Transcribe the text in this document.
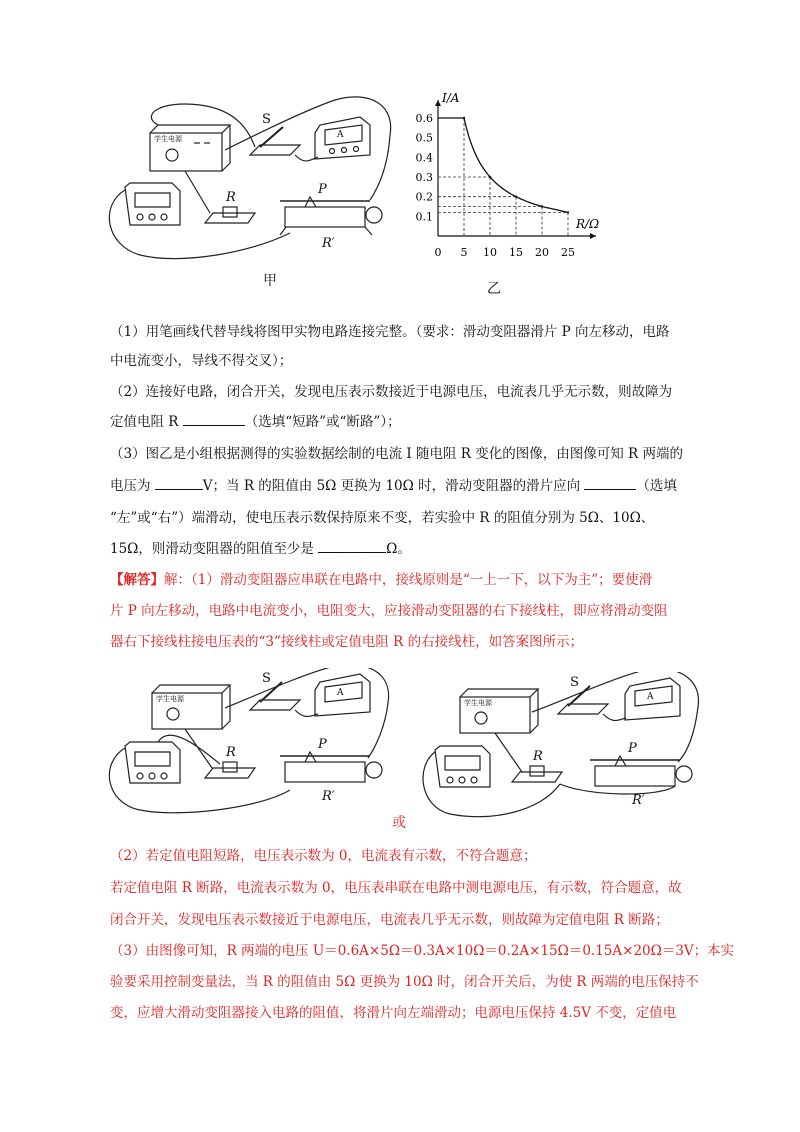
S
A
R
P
R′
学生电源
甲
I/A
R/Ω
0 5 10 15 20 25
0.1
0.2
0.3
0.4
0.5
0.6
乙
（1）用笔画线代替导线将图甲实物电路连接完整。（要求：滑动变阻器滑片 P 向左移动，电路
中电流变小，导线不得交叉）；
（2）连接好电路，闭合开关，发现电压表示数接近于电源电压，电流表几乎无示数，则故障为
定值电阻 R	（选填“短路”或“断路”）；
（3）图乙是小组根据测得的实验数据绘制的电流 I 随电阻 R 变化的图像，由图像可知 R 两端的
电压为	V；当 R 的阻值由 5Ω 更换为 10Ω 时，滑动变阻器的滑片应向	（选填
“左”或“右”）端滑动，使电压表示数保持原来不变，若实验中 R 的阻值分别为 5Ω、10Ω、
15Ω，则滑动变阻器的阻值至少是	Ω。
【解答】解：（1）滑动变阻器应串联在电路中，接线原则是“一上一下，以下为主”；要使滑
片 P 向左移动，电路中电流变小，电阻变大，应接滑动变阻器的右下接线柱，即应将滑动变阻
器右下接线柱接电压表的“3”接线柱或定值电阻 R 的右接线柱，如答案图所示；
S
A
R
P
R′
学生电源
S
A
R
P
R′
学生电源
或
（2）若定值电阻短路，电压表示数为 0，电流表有示数，不符合题意；
若定值电阻 R 断路，电流表示数为 0，电压表串联在电路中测电源电压，有示数，符合题意，故
闭合开关，发现电压表示数接近于电源电压，电流表几乎无示数，则故障为定值电阻 R 断路；
（3）由图像可知，R 两端的电压 U＝0.6A×5Ω＝0.3A×10Ω＝0.2A×15Ω＝0.15A×20Ω＝3V；本实
验要采用控制变量法，当 R 的阻值由 5Ω 更换为 10Ω 时，闭合开关后，为使 R 两端的电压保持不
变，应增大滑动变阻器接入电路的阻值，将滑片向左端滑动；电源电压保持 4.5V 不变，定值电
